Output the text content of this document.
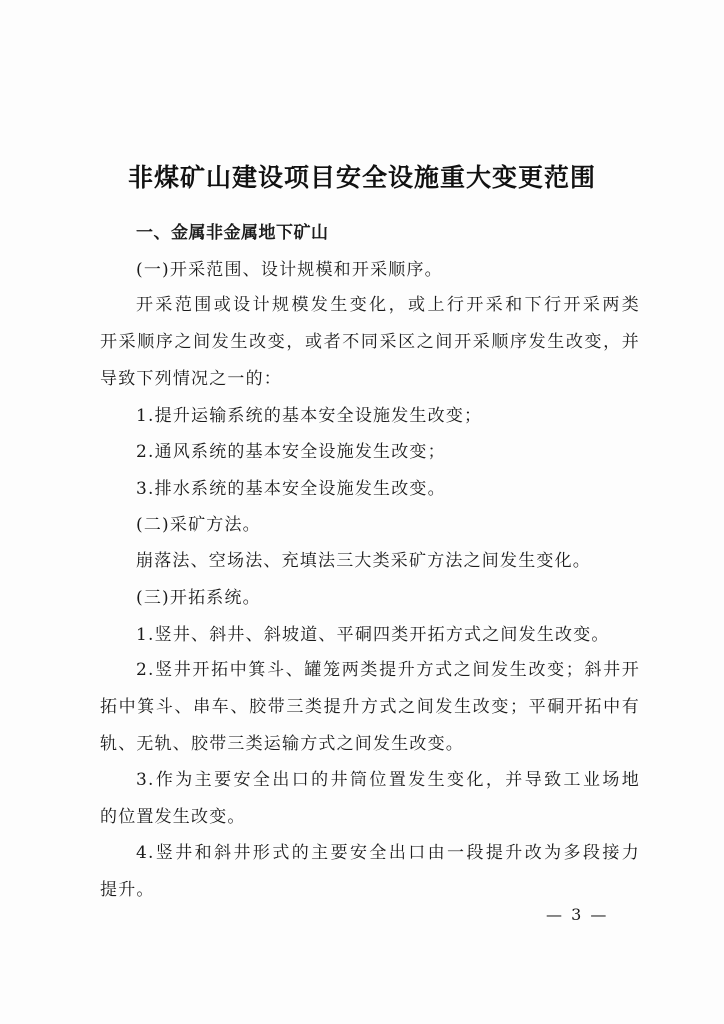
非煤矿山建设项目安全设施重大变更范围
一、金属非金属地下矿山
(一)开采范围、设计规模和开采顺序。
开采范围或设计规模发生变化，或上行开采和下行开采两类
开采顺序之间发生改变，或者不同采区之间开采顺序发生改变，并
导致下列情况之一的：
1.提升运输系统的基本安全设施发生改变；
2.通风系统的基本安全设施发生改变；
3.排水系统的基本安全设施发生改变。
(二)采矿方法。
崩落法、空场法、充填法三大类采矿方法之间发生变化。
(三)开拓系统。
1.竖井、斜井、斜坡道、平硐四类开拓方式之间发生改变。
2.竖井开拓中箕斗、罐笼两类提升方式之间发生改变；斜井开
拓中箕斗、串车、胶带三类提升方式之间发生改变；平硐开拓中有
轨、无轨、胶带三类运输方式之间发生改变。
3.作为主要安全出口的井筒位置发生变化，并导致工业场地
的位置发生改变。
4.竖井和斜井形式的主要安全出口由一段提升改为多段接力
提升。
— 3 —
